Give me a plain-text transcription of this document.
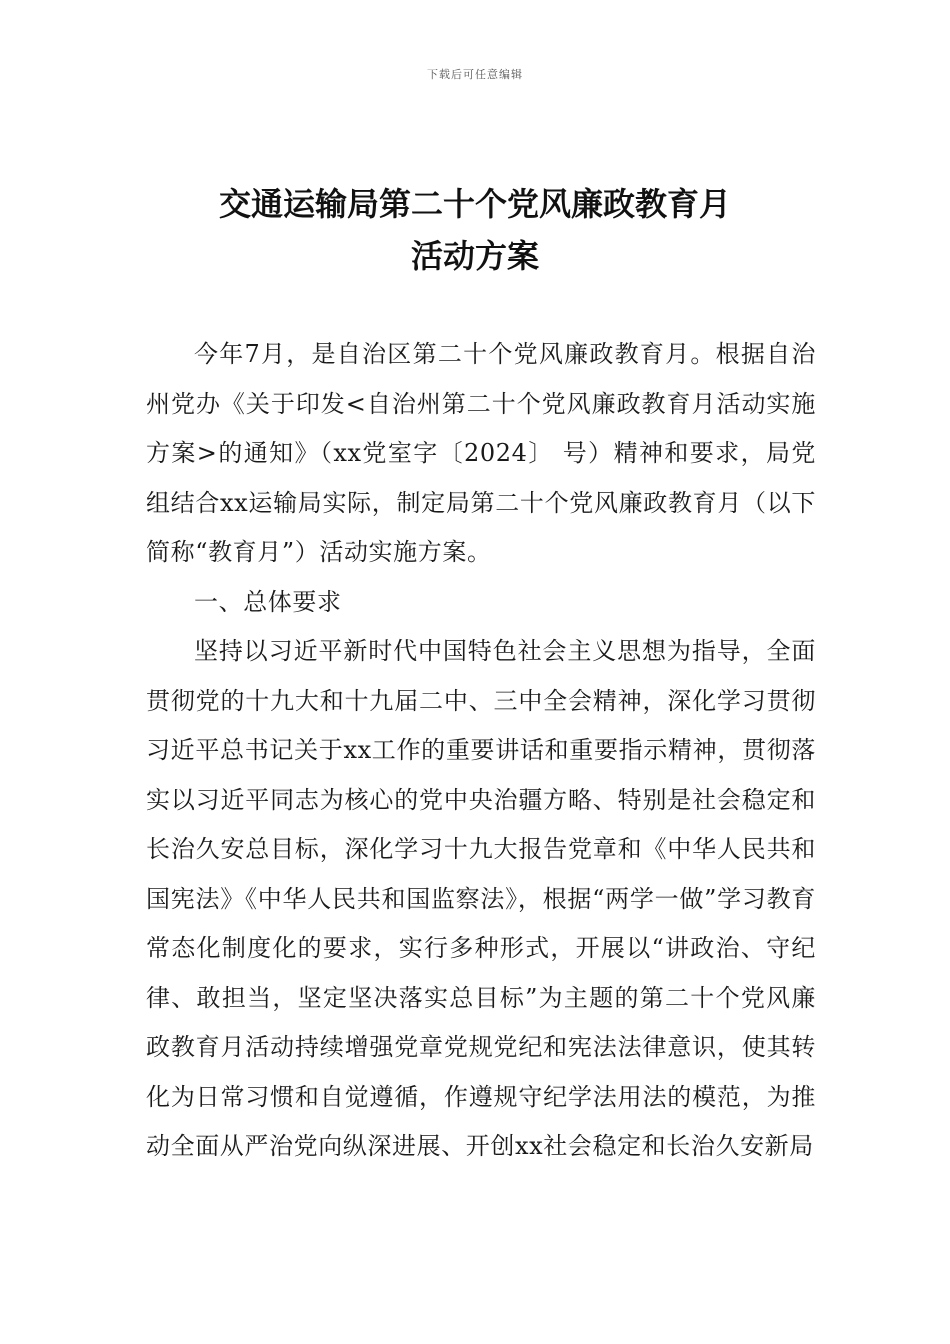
下载后可任意编辑
交通运输局第二十个党风廉政教育月
活动方案

今年7月，是自治区第二十个党风廉政教育月。根据自治州党办《关于印发<自治州第二十个党风廉政教育月活动实施方案>的通知》（xx党室字〔2024〕 号）精神和要求，局党组结合xx运输局实际，制定局第二十个党风廉政教育月（以下简称“教育月”）活动实施方案。

一、总体要求

坚持以习近平新时代中国特色社会主义思想为指导，全面贯彻党的十九大和十九届二中、三中全会精神，深化学习贯彻习近平总书记关于xx工作的重要讲话和重要指示精神，贯彻落实以习近平同志为核心的党中央治疆方略、特别是社会稳定和长治久安总目标，深化学习十九大报告党章和《中华人民共和国宪法》《中华人民共和国监察法》，根据“两学一做”学习教育常态化制度化的要求，实行多种形式，开展以“讲政治、守纪律、敢担当，坚定坚决落实总目标”为主题的第二十个党风廉政教育月活动持续增强党章党规党纪和宪法法律意识，使其转化为日常习惯和自觉遵循，作遵规守纪学法用法的模范，为推动全面从严治党向纵深进展、开创xx社会稳定和长治久安新局
